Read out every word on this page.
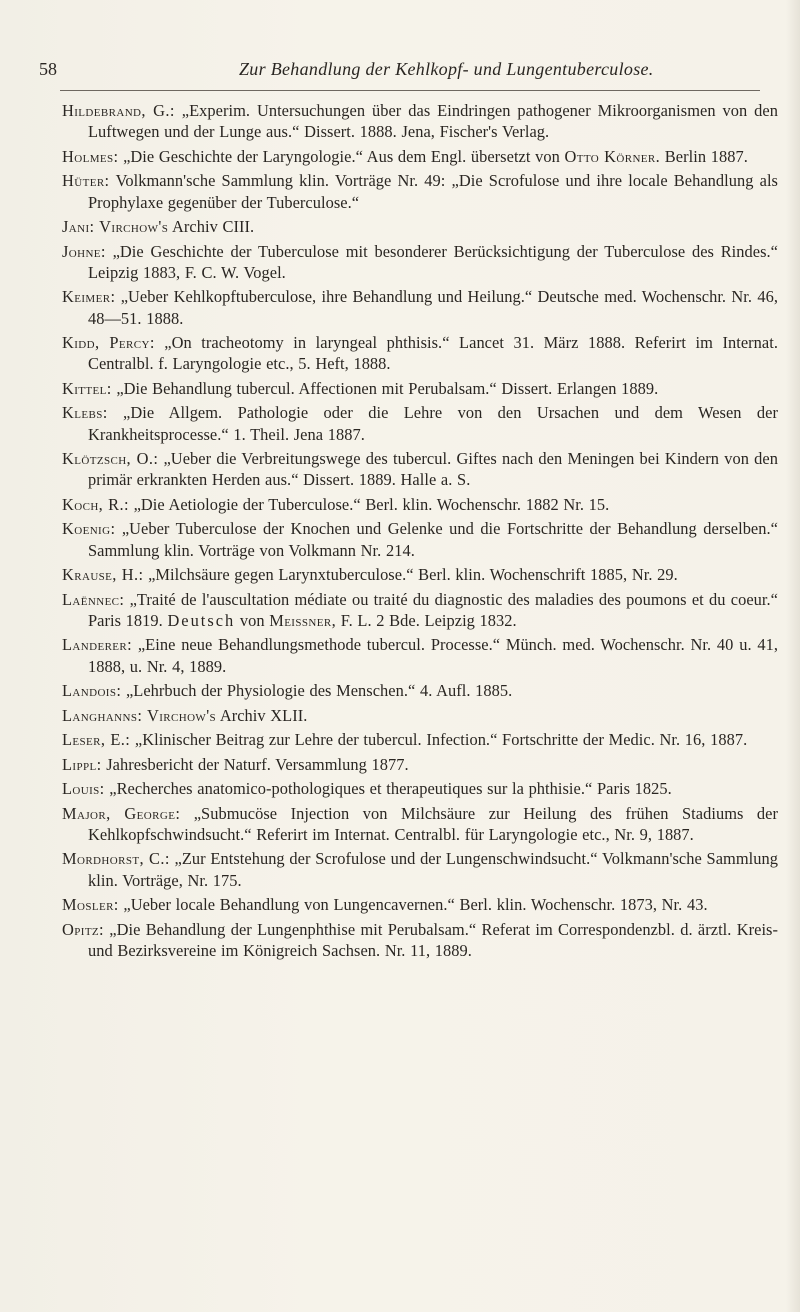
58	Zur Behandlung der Kehlkopf- und Lungentuberculose.
Hildebrand, G.: „Experim. Untersuchungen über das Eindringen pathogener Mikroorganismen von den Luftwegen und der Lunge aus.“ Dissert. 1888. Jena, Fischer's Verlag.
Holmes: „Die Geschichte der Laryngologie.“ Aus dem Engl. übersetzt von Otto Körner. Berlin 1887.
Hüter: Volkmann'sche Sammlung klin. Vorträge Nr. 49: „Die Scrofulose und ihre locale Behandlung als Prophylaxe gegenüber der Tuberculose.“
Jani: Virchow's Archiv CIII.
Johne: „Die Geschichte der Tuberculose mit besonderer Berücksichtigung der Tuberculose des Rindes.“ Leipzig 1883, F. C. W. Vogel.
Keimer: „Ueber Kehlkopftuberculose, ihre Behandlung und Heilung.“ Deutsche med. Wochenschr. Nr. 46, 48—51. 1888.
Kidd, Percy: „On tracheotomy in laryngeal phthisis.“ Lancet 31. März 1888. Referirt im Internat. Centralbl. f. Laryngologie etc., 5. Heft, 1888.
Kittel: „Die Behandlung tubercul. Affectionen mit Perubalsam.“ Dissert. Erlangen 1889.
Klebs: „Die Allgem. Pathologie oder die Lehre von den Ursachen und dem Wesen der Krankheitsprocesse.“ 1. Theil. Jena 1887.
Klötzsch, O.: „Ueber die Verbreitungswege des tubercul. Giftes nach den Meningen bei Kindern von den primär erkrankten Herden aus.“ Dissert. 1889. Halle a. S.
Koch, R.: „Die Aetiologie der Tuberculose.“ Berl. klin. Wochenschr. 1882 Nr. 15.
Koenig: „Ueber Tuberculose der Knochen und Gelenke und die Fortschritte der Behandlung derselben.“ Sammlung klin. Vorträge von Volkmann Nr. 214.
Krause, H.: „Milchsäure gegen Larynxtuberculose.“ Berl. klin. Wochenschrift 1885, Nr. 29.
Laënnec: „Traité de l'auscultation médiate ou traité du diagnostic des maladies des poumons et du coeur.“ Paris 1819. Deutsch von Meissner, F. L. 2 Bde. Leipzig 1832.
Landerer: „Eine neue Behandlungsmethode tubercul. Processe.“ Münch. med. Wochenschr. Nr. 40 u. 41, 1888, u. Nr. 4, 1889.
Landois: „Lehrbuch der Physiologie des Menschen.“ 4. Aufl. 1885.
Langhanns: Virchow's Archiv XLII.
Leser, E.: „Klinischer Beitrag zur Lehre der tubercul. Infection.“ Fortschritte der Medic. Nr. 16, 1887.
Lippl: Jahresbericht der Naturf. Versammlung 1877.
Louis: „Recherches anatomico-pothologiques et therapeutiques sur la phthisie.“ Paris 1825.
Major, George: „Submucöse Injection von Milchsäure zur Heilung des frühen Stadiums der Kehlkopfschwindsucht.“ Referirt im Internat. Centralbl. für Laryngologie etc., Nr. 9, 1887.
Mordhorst, C.: „Zur Entstehung der Scrofulose und der Lungenschwindsucht.“ Volkmann'sche Sammlung klin. Vorträge, Nr. 175.
Mosler: „Ueber locale Behandlung von Lungencavernen.“ Berl. klin. Wochenschr. 1873, Nr. 43.
Opitz: „Die Behandlung der Lungenphthise mit Perubalsam.“ Referat im Correspondenzbl. d. ärztl. Kreis- und Bezirksvereine im Königreich Sachsen. Nr. 11, 1889.
